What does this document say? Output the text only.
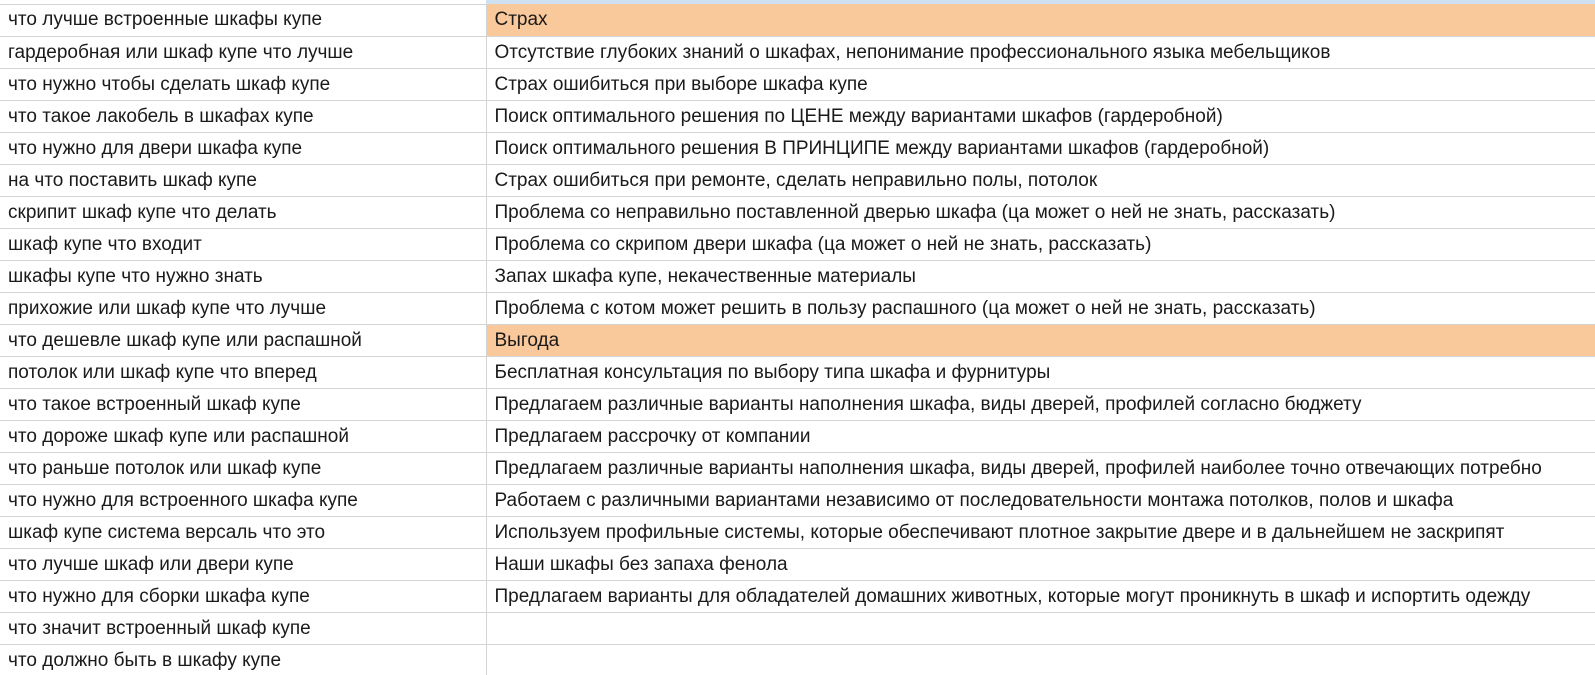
что лучше встроенные шкафы купе	Страх
гардеробная или шкаф купе что лучше	Отсутствие глубоких знаний о шкафах, непонимание профессионального языка мебельщиков
что нужно чтобы сделать шкаф купе	Страх ошибиться при выборе шкафа купе
что такое лакобель в шкафах купе	Поиск оптимального решения по ЦЕНЕ между вариантами шкафов (гардеробной)
что нужно для двери шкафа купе	Поиск оптимального решения В ПРИНЦИПЕ между вариантами шкафов (гардеробной)
на что поставить шкаф купе	Страх ошибиться при ремонте, сделать неправильно полы, потолок
скрипит шкаф купе что делать	Проблема со неправильно поставленной дверью шкафа (ца может о ней не знать, рассказать)
шкаф купе что входит	Проблема со скрипом двери шкафа (ца может о ней не знать, рассказать)
шкафы купе что нужно знать	Запах шкафа купе, некачественные материалы
прихожие или шкаф купе что лучше	Проблема с котом может решить в пользу распашного (ца может о ней не знать, рассказать)
что дешевле шкаф купе или распашной	Выгода
потолок или шкаф купе что вперед	Бесплатная консультация по выбору типа шкафа и фурнитуры
что такое встроенный шкаф купе	Предлагаем различные варианты наполнения шкафа, виды дверей, профилей согласно бюджету
что дороже шкаф купе или распашной	Предлагаем рассрочку от компании
что раньше потолок или шкаф купе	Предлагаем различные варианты наполнения шкафа, виды дверей, профилей наиболее точно отвечающих потребно
что нужно для встроенного шкафа купе	Работаем с различными вариантами независимо от последовательности монтажа потолков, полов и шкафа
шкаф купе система версаль что это	Используем профильные системы, которые обеспечивают плотное закрытие двере и в дальнейшем не заскрипят
что лучше шкаф или двери купе	Наши шкафы без запаха фенола
что нужно для сборки шкафа купе	Предлагаем варианты для обладателей домашних животных, которые могут проникнуть в шкаф и испортить одежду
что значит встроенный шкаф купе	
что должно быть в шкафу купе	
